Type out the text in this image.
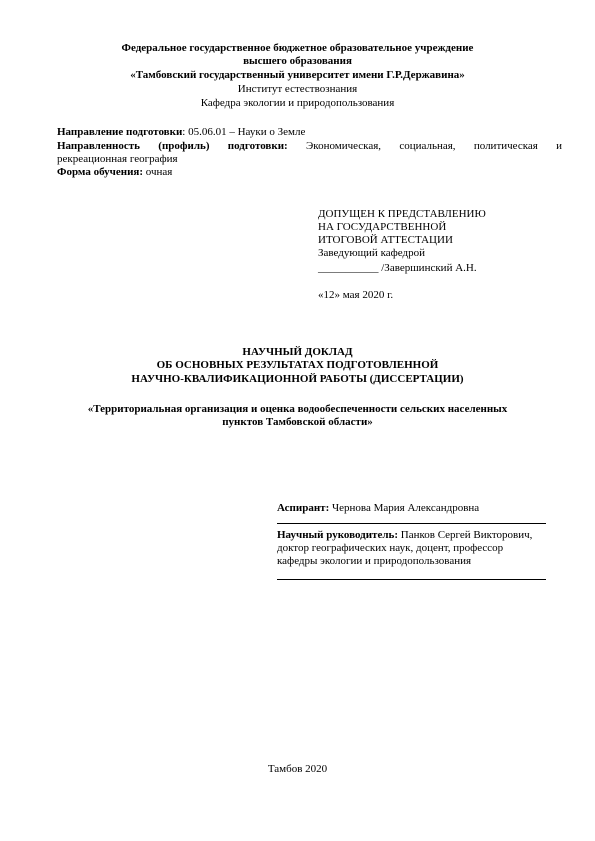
Федеральное государственное бюджетное образовательное учреждение
высшего образования
«Тамбовский государственный университет имени Г.Р.Державина»
Институт естествознания
Кафедра экологии и природопользования
Направление подготовки: 05.06.01 – Науки о Земле
Направленность (профиль) подготовки: Экономическая, социальная, политическая и
рекреационная география
Форма обучения: очная
ДОПУЩЕН К ПРЕДСТАВЛЕНИЮ
НА ГОСУДАРСТВЕННОЙ
ИТОГОВОЙ АТТЕСТАЦИИ
Заведующий кафедрой
___________ /Завершинский А.Н.
«12» мая 2020 г.
НАУЧНЫЙ ДОКЛАД
ОБ ОСНОВНЫХ РЕЗУЛЬТАТАХ ПОДГОТОВЛЕННОЙ
НАУЧНО-КВАЛИФИКАЦИОННОЙ РАБОТЫ (ДИССЕРТАЦИИ)
«Территориальная организация и оценка водообеспеченности сельских населенных
пунктов Тамбовской области»
Аспирант: Чернова Мария Александровна
Научный руководитель: Панков Сергей Викторович,
доктор географических наук, доцент, профессор
кафедры экологии и природопользования
Тамбов 2020
